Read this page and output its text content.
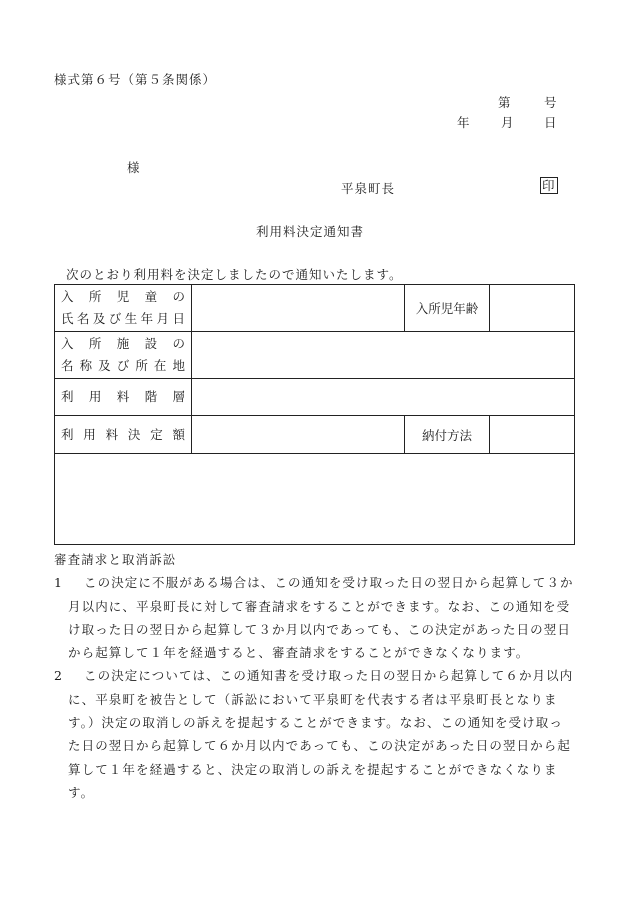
様式第６号（第５条関係）
第	号
年 月 日
様
平泉町長	印
利用料決定通知書
次のとおり利用料を決定しましたので通知いたします。
入所児童の
氏名及び生年月日		入所児年齢	

入所施設の
名称及び所在地			

利用料階層			

利用料決定額		納付方法	

審査請求と取消訴訟
1	この決定に不服がある場合は、この通知を受け取った日の翌日から起算して３か月以内に、平泉町長に対して審査請求をすることができます。なお、この通知を受け取った日の翌日から起算して３か月以内であっても、この決定があった日の翌日から起算して１年を経過すると、審査請求をすることができなくなります。
2	この決定については、この通知書を受け取った日の翌日から起算して６か月以内に、平泉町を被告として（訴訟において平泉町を代表する者は平泉町長となります。）決定の取消しの訴えを提起することができます。なお、この通知を受け取った日の翌日から起算して６か月以内であっても、この決定があった日の翌日から起算して１年を経過すると、決定の取消しの訴えを提起することができなくなります。
